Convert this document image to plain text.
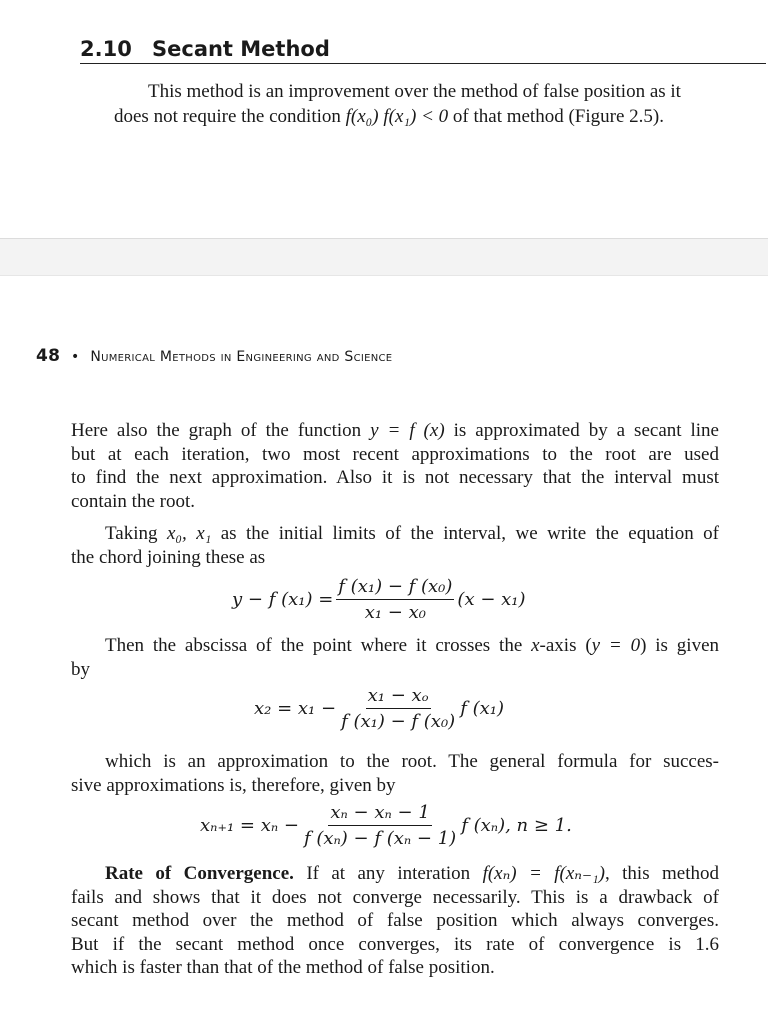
2.10 Secant Method
This method is an improvement over the method of false position as it
does not require the condition f(x₀) f(x₁) < 0 of that method (Figure 2.5).
48 • Numerical Methods in Engineering and Science
Here also the graph of the function y = f (x) is approximated by a secant line
but at each iteration, two most recent approximations to the root are used
to find the next approximation. Also it is not necessary that the interval must
contain the root.
Taking x₀, x₁ as the initial limits of the interval, we write the equation of
the chord joining these as
y − f $(x_1) = \frac{\text{f (x₁) − f (x₀)}}{\text{x₁ − x₀}} (x - x_1)$
Then the abscissa of the point where it crosses the x-axis (y = 0) is given
by
$x_2 = x_1 - \frac{\text{x₁ − xₒ}}{\text{f (x₁) − f (x₀)}}$ f (x₁)
which is an approximation to the root. The general formula for succes-
sive approximations is, therefore, given by
$x_{n+1} = x_n - \frac{\text{xₙ − xₙ − 1}}{\text{f (xₙ) − f (xₙ − 1)}}$ f (xₙ), n ≥ 1.
Rate of Convergence. If at any interation f(xₙ) = f(xₙ₋₁), this method
fails and shows that it does not converge necessarily. This is a drawback of
secant method over the method of false position which always converges.
But if the secant method once converges, its rate of convergence is 1.6
which is faster than that of the method of false position.
